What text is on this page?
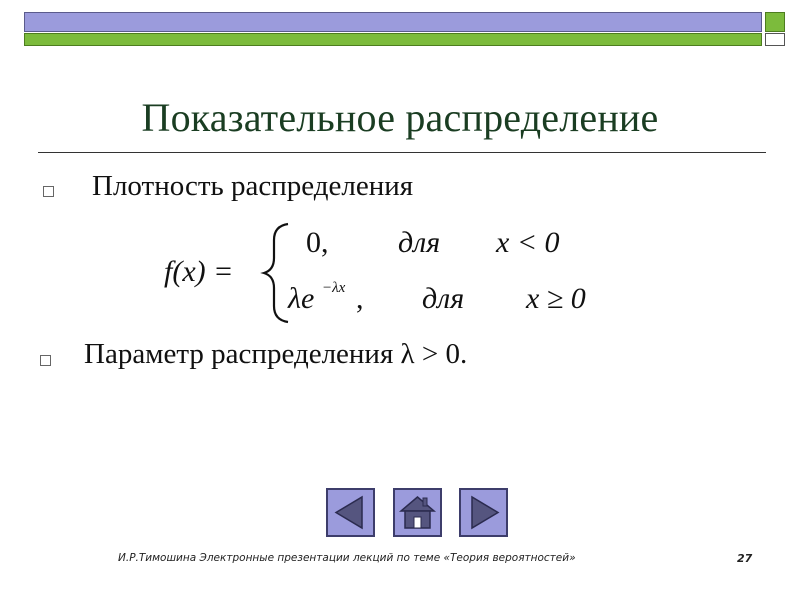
Показательное распределение
Плотность распределения
f(x) =
0, для x < 0
λe −λx , для x ≥ 0
Параметр распределения λ > 0.
И.Р.Тимошина Электронные презентации лекций по теме «Теория вероятностей»	27
